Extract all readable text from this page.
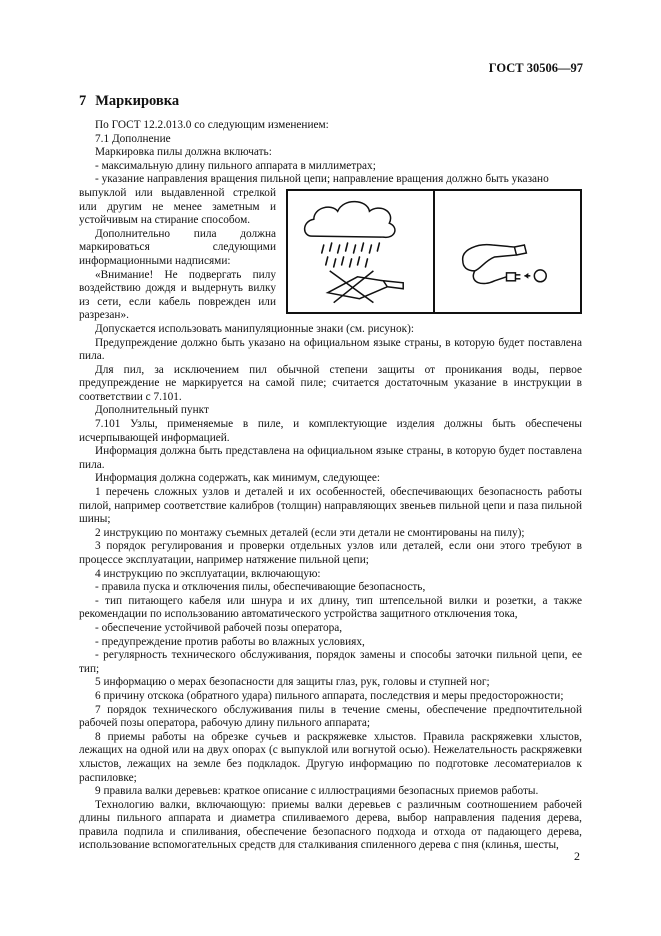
ГОСТ 30506—97
7 Маркировка

По ГОСТ 12.2.013.0 со следующим изменением:

7.1 Дополнение

Маркировка пилы должна включать:

- максимальную длину пильного аппарата в миллиметрах;

- указание направления вращения пильной цепи; направление вращения должно быть указано

выпуклой или выдавленной стрелкой или другим не менее заметным и устойчивым на стирание способом.

Дополнительно пила должна маркироваться следующими информационными надписями:

«Внимание! Не подвергать пилу воздействию дождя и выдернуть вилку из сети, если кабель поврежден или разрезан».

Допускается использовать манипуляционные знаки (см. рисунок):

Предупреждение должно быть указано на официальном языке страны, в которую будет поставлена пила.

Для пил, за исключением пил обычной степени защиты от проникания воды, первое предупреждение не маркируется на самой пиле; считается достаточным указание в инструкции в соответствии с 7.101.

Дополнительный пункт

7.101 Узлы, применяемые в пиле, и комплектующие изделия должны быть обеспечены исчерпывающей информацией.

Информация должна быть представлена на официальном языке страны, в которую будет поставлена пила.

Информация должна содержать, как минимум, следующее:

1 перечень сложных узлов и деталей и их особенностей, обеспечивающих безопасность работы пилой, например соответствие калибров (толщин) направляющих звеньев пильной цепи и паза пильной шины;

2 инструкцию по монтажу съемных деталей (если эти детали не смонтированы на пилу);

3 порядок регулирования и проверки отдельных узлов или деталей, если они этого требуют в процессе эксплуатации, например натяжение пильной цепи;

4 инструкцию по эксплуатации, включающую:

- правила пуска и отключения пилы, обеспечивающие безопасность,

- тип питающего кабеля или шнура и их длину, тип штепсельной вилки и розетки, а также рекомендации по использованию автоматического устройства защитного отключения тока,

- обеспечение устойчивой рабочей позы оператора,

- предупреждение против работы во влажных условиях,

- регулярность технического обслуживания, порядок замены и способы заточки пильной цепи, ее тип;

5 информацию о мерах безопасности для защиты глаз, рук, головы и ступней ног;

6 причину отскока (обратного удара) пильного аппарата, последствия и меры предосторожности;

7 порядок технического обслуживания пилы в течение смены, обеспечение предпочтительной рабочей позы оператора, рабочую длину пильного аппарата;

8 приемы работы на обрезке сучьев и раскряжевке хлыстов. Правила раскряжевки хлыстов, лежащих на одной или на двух опорах (с выпуклой или вогнутой осью). Нежелательность раскряжевки хлыстов, лежащих на земле без подкладок. Другую информацию по подготовке лесоматериалов к распиловке;

9 правила валки деревьев: краткое описание с иллюстрациями безопасных приемов работы.

Технологию валки, включающую: приемы валки деревьев с различным соотношением рабочей длины пильного аппарата и диаметра спиливаемого дерева, выбор направления падения дерева, правила подпила и спиливания, обеспечение безопасного подхода и отхода от падающего дерева, использование вспомогательных средств для сталкивания спиленного дерева с пня (клинья, шесты,

2
